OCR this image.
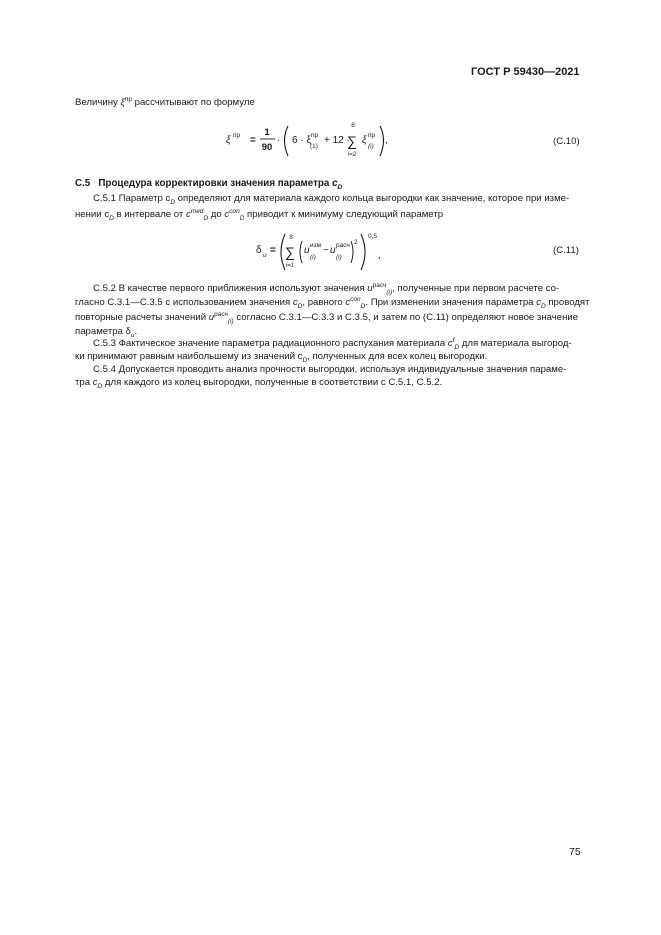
ГОСТ Р 59430—2021
Величину $\xi^{пр}$ рассчитывают по формуле
ξ пр =
1
90
· 6 · ξ пр
(1)
+ 12 ·
8
∑
i=2
ξ пр
(i)
,	(С.10)
С.5 Процедура корректировки значения параметра $c_D$
С.5.1 Параметр $с_D$ определяют для материала каждого кольца выгородки как значение, которое при изме-
нении $с_D$ в интервале от $c^{med}_D$ до $c^{con}_D$ приводит к минимуму следующий параметр
δ u =
8
∑
i=1
u изм
(i)
− u расч
(i)
2
0,5
,	(С.11)
С.5.2 В качестве первого приближения используют значения $u^{расч}_{(i)}$, полученные при первом расчете со-
гласно С.3.1—С.3.5 с использованием значения $c_D$, равного $c^{con}_D$. При изменении значения параметра $c_D$ проводят
повторные расчеты значений $u^{расч}_{(i)}$ согласно С.3.1—С.3.3 и С.3.5, и затем по (С.11) определяют новое значение
параметра $\delta_u$.
С.5.3 Фактическое значение параметра радиационного распухания материала $c^f_D$ для материала выгород-
ки принимают равным наибольшему из значений $с_D$, полученных для всех колец выгородки.
С.5.4 Допускается проводить анализ прочности выгородки, используя индивидуальные значения параме-
тра $c_D$ для каждого из колец выгородки, полученные в соответствии с С.5.1, С.5.2.
75
